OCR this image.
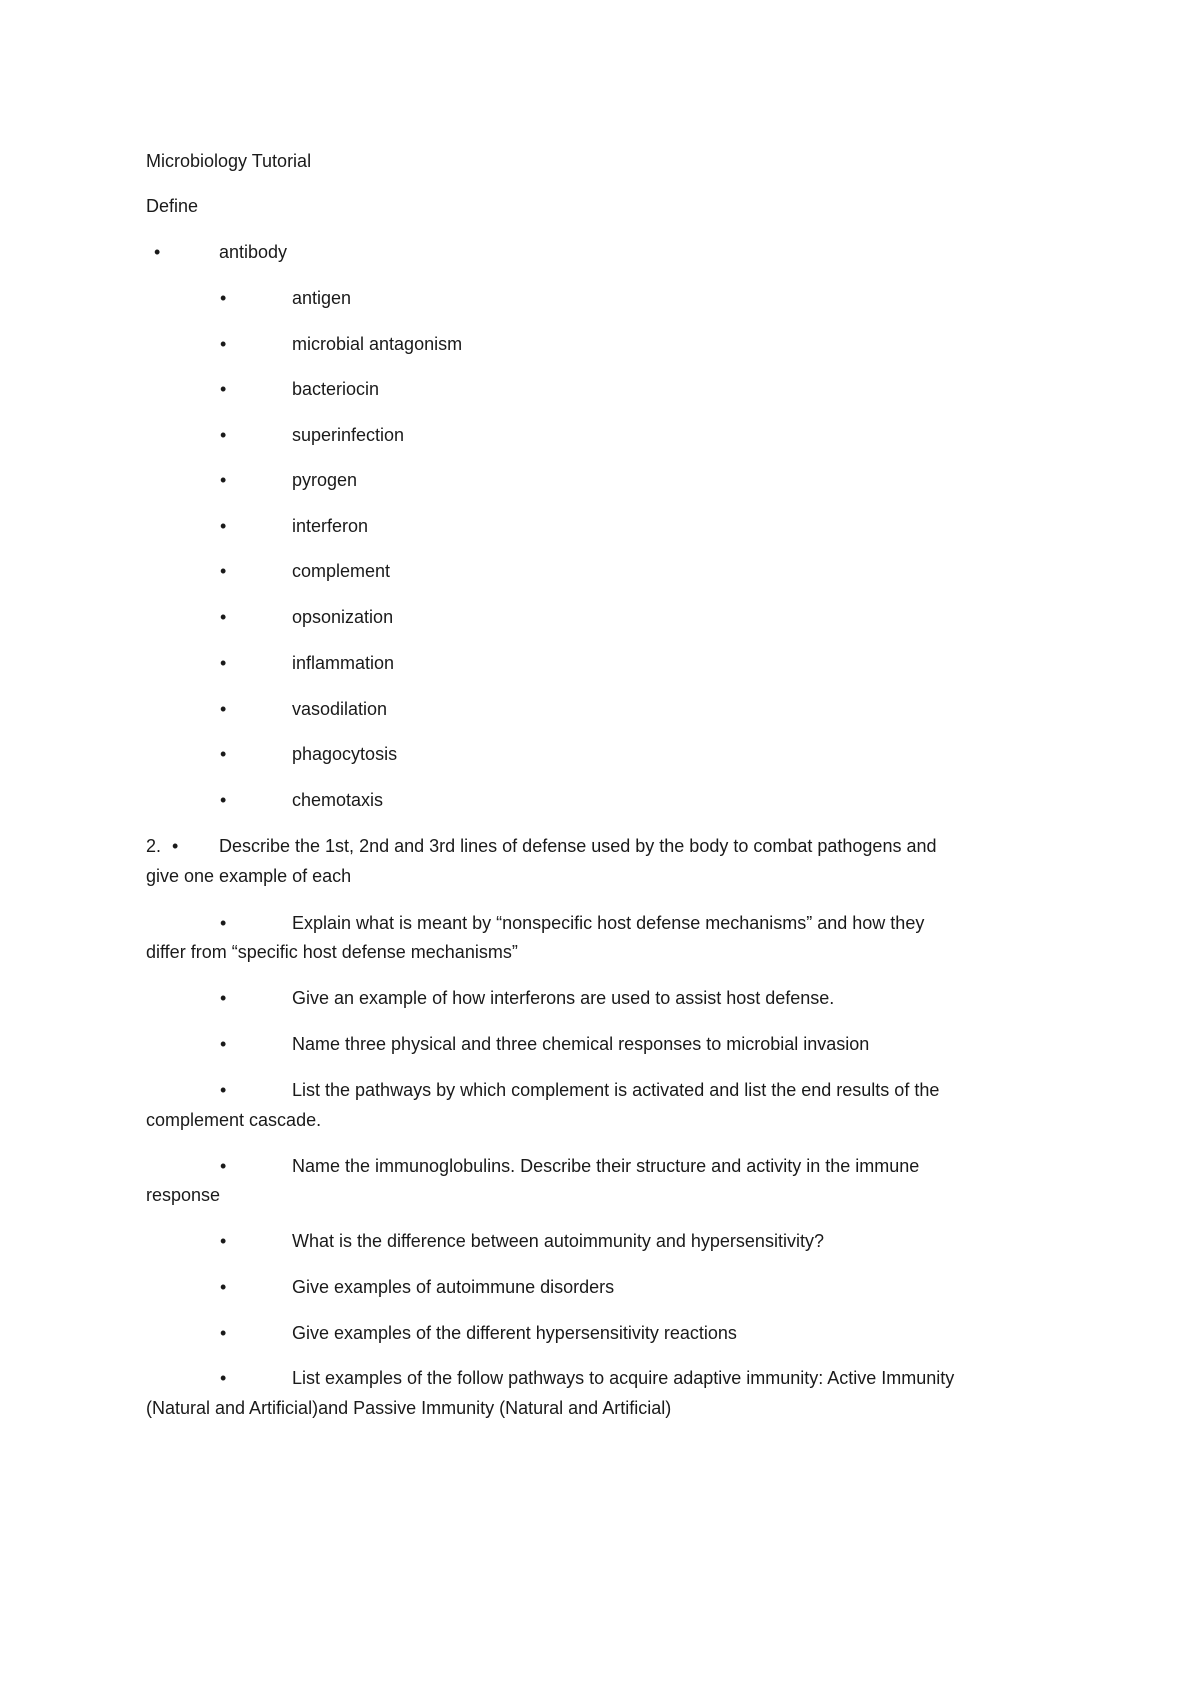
Microbiology Tutorial
Define
•	antibody
•	antigen
•	microbial antagonism
•	bacteriocin
•	superinfection
•	pyrogen
•	interferon
•	complement
•	opsonization
•	inflammation
•	vasodilation
•	phagocytosis
•	chemotaxis
2. • Describe the 1st, 2nd and 3rd lines of defense used by the body to combat pathogens and
give one example of each
•	Explain what is meant by “nonspecific host defense mechanisms” and how they
differ from “specific host defense mechanisms”
•	Give an example of how interferons are used to assist host defense.
•	Name three physical and three chemical responses to microbial invasion
•	List the pathways by which complement is activated and list the end results of the
complement cascade.
•	Name the immunoglobulins. Describe their structure and activity in the immune
response
•	What is the difference between autoimmunity and hypersensitivity?
•	Give examples of autoimmune disorders
•	Give examples of the different hypersensitivity reactions
•	List examples of the follow pathways to acquire adaptive immunity: Active Immunity
(Natural and Artificial)and Passive Immunity (Natural and Artificial)
